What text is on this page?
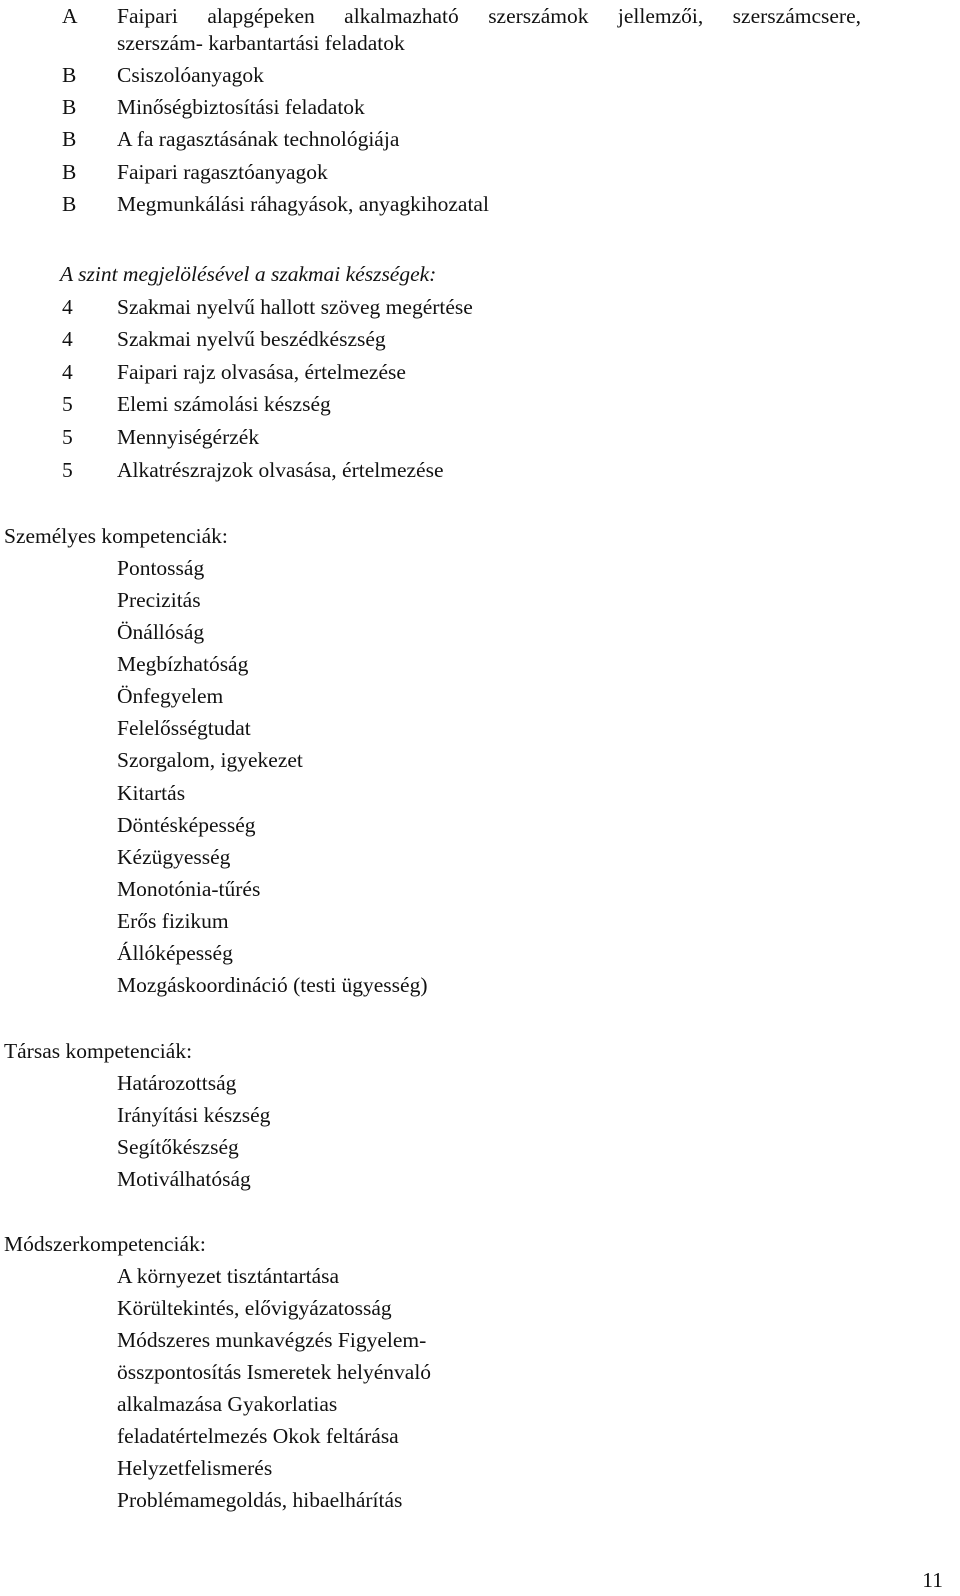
A	Faipari alapgépeken alkalmazható szerszámok jellemzői, szerszámcsere,
szerszám- karbantartási feladatok
B	Csiszolóanyagok
B	Minőségbiztosítási feladatok
B	A fa ragasztásának technológiája
B	Faipari ragasztóanyagok
B	Megmunkálási ráhagyások, anyagkihozatal
A szint megjelölésével a szakmai készségek:
4	Szakmai nyelvű hallott szöveg megértése
4	Szakmai nyelvű beszédkészség
4	Faipari rajz olvasása, értelmezése
5	Elemi számolási készség
5	Mennyiségérzék
5	Alkatrészrajzok olvasása, értelmezése
Személyes kompetenciák:
Pontosság
Precizitás
Önállóság
Megbízhatóság
Önfegyelem
Felelősségtudat
Szorgalom, igyekezet
Kitartás
Döntésképesség
Kézügyesség
Monotónia-tűrés
Erős fizikum
Állóképesség
Mozgáskoordináció (testi ügyesség)
Társas kompetenciák:
Határozottság
Irányítási készség
Segítőkészség
Motiválhatóság
Módszerkompetenciák:
A környezet tisztántartása
Körültekintés, elővigyázatosság
Módszeres munkavégzés Figyelem-
összpontosítás Ismeretek helyénvaló
alkalmazása Gyakorlatias
feladatértelmezés Okok feltárása
Helyzetfelismerés
Problémamegoldás, hibaelhárítás
11
